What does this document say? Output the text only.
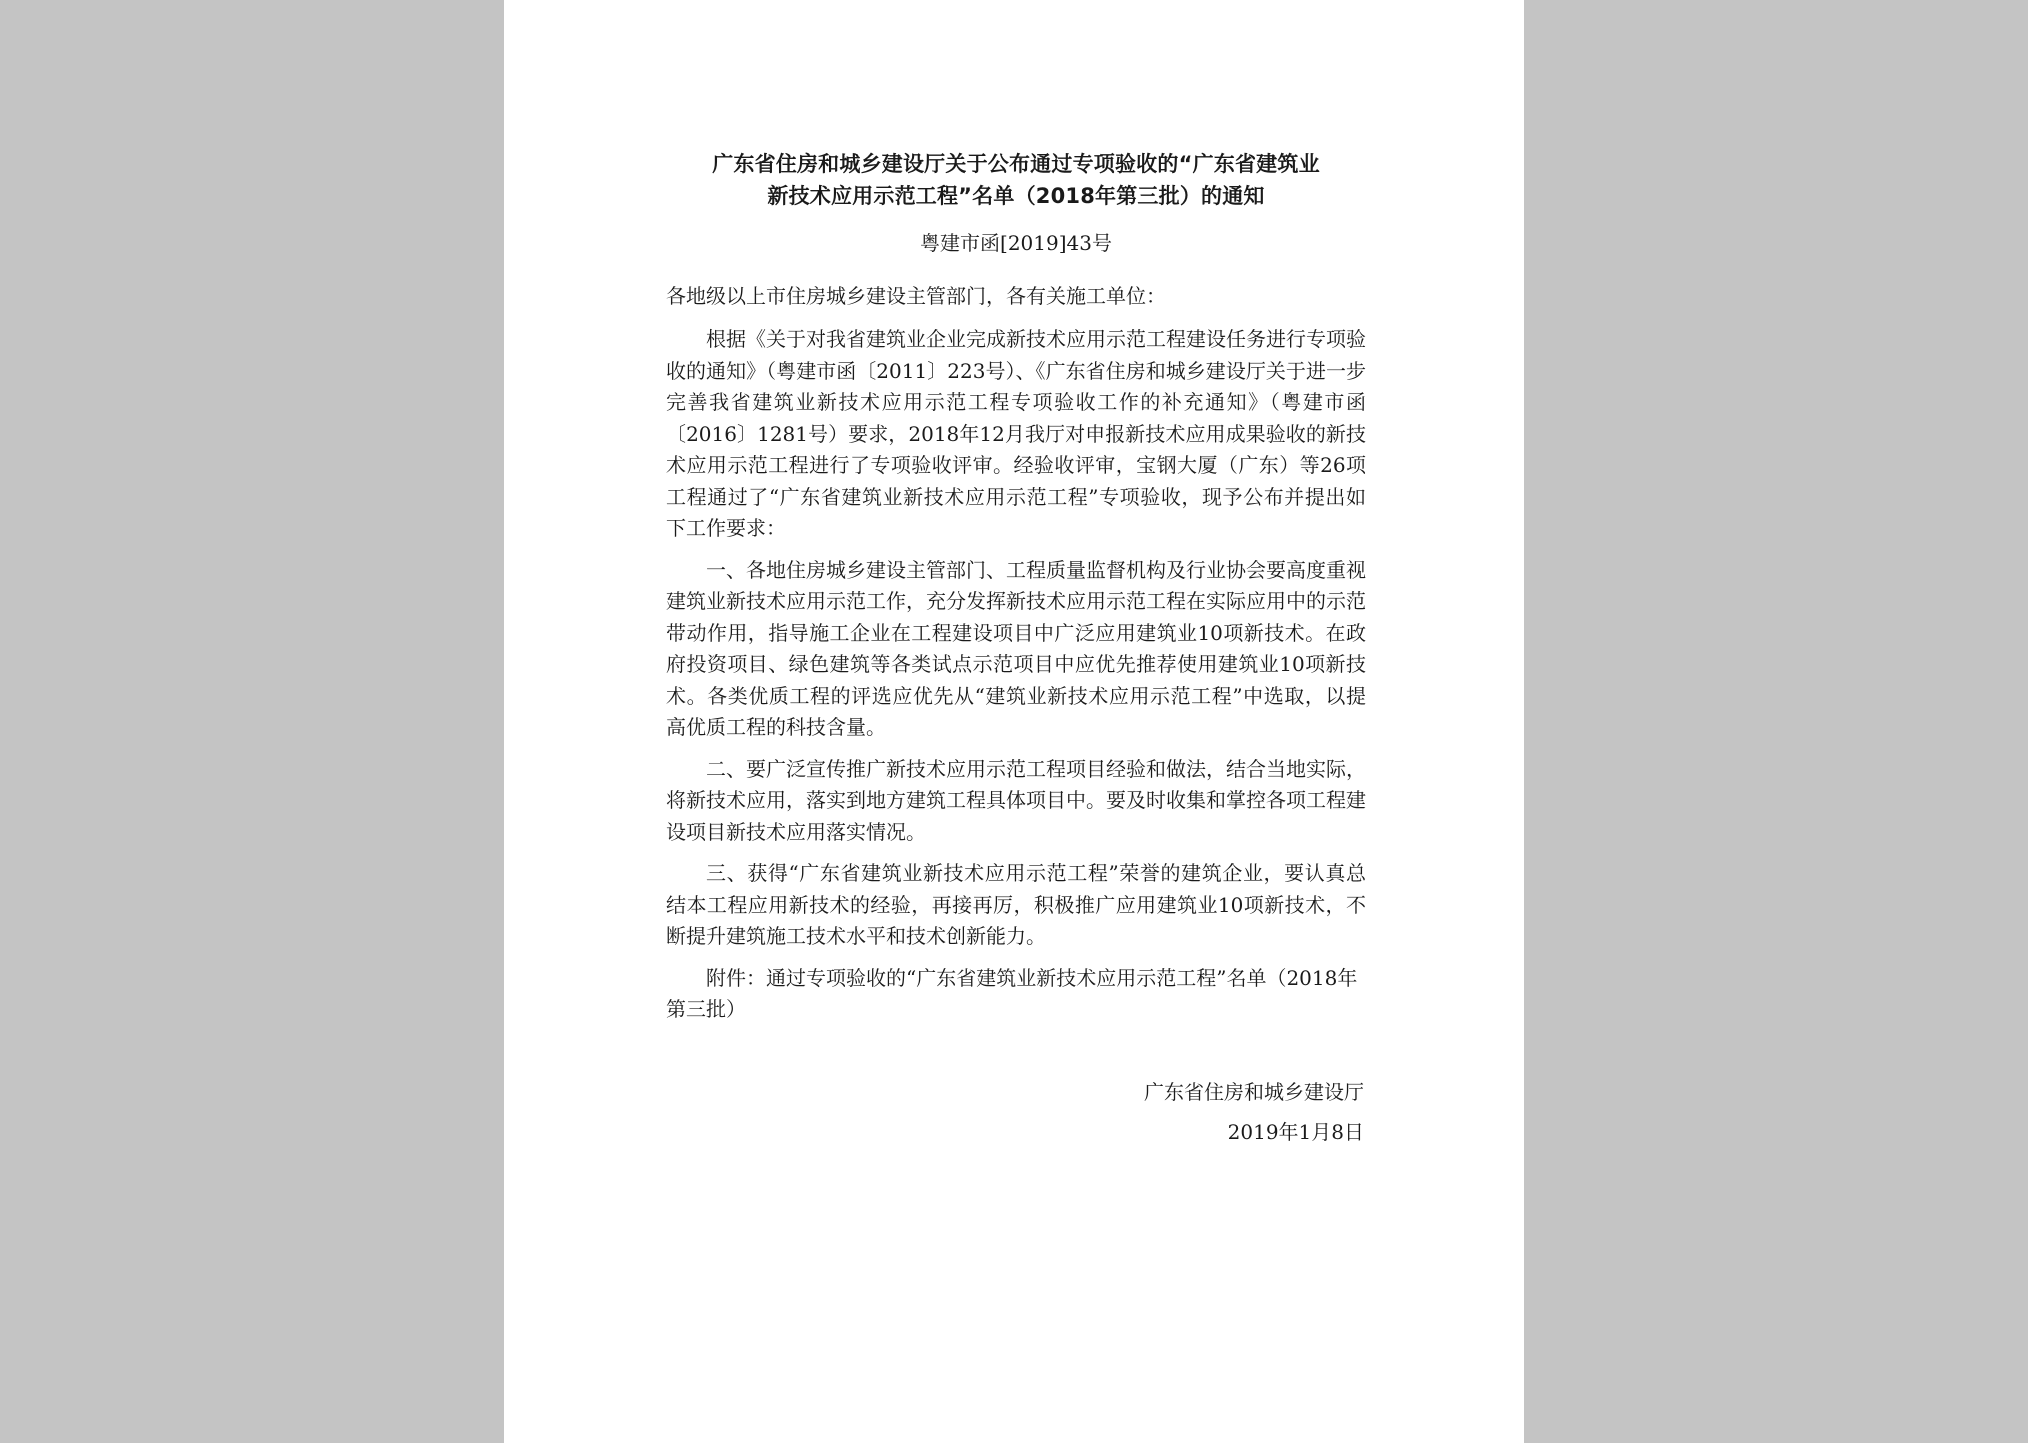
广东省住房和城乡建设厅关于公布通过专项验收的“广东省建筑业
新技术应用示范工程”名单（2018年第三批）的通知

粤建市函[2019]43号

各地级以上市住房城乡建设主管部门，各有关施工单位：

根据《关于对我省建筑业企业完成新技术应用示范工程建设任务进行专项验收的通知》（粤建市函〔2011〕223号）、《广东省住房和城乡建设厅关于进一步完善我省建筑业新技术应用示范工程专项验收工作的补充通知》（粤建市函〔2016〕1281号）要求，2018年12月我厅对申报新技术应用成果验收的新技术应用示范工程进行了专项验收评审。经验收评审，宝钢大厦（广东）等26项工程通过了“广东省建筑业新技术应用示范工程”专项验收，现予公布并提出如下工作要求：

一、各地住房城乡建设主管部门、工程质量监督机构及行业协会要高度重视建筑业新技术应用示范工作，充分发挥新技术应用示范工程在实际应用中的示范带动作用，指导施工企业在工程建设项目中广泛应用建筑业10项新技术。在政府投资项目、绿色建筑等各类试点示范项目中应优先推荐使用建筑业10项新技术。各类优质工程的评选应优先从“建筑业新技术应用示范工程”中选取，以提高优质工程的科技含量。

二、要广泛宣传推广新技术应用示范工程项目经验和做法，结合当地实际，将新技术应用，落实到地方建筑工程具体项目中。要及时收集和掌控各项工程建设项目新技术应用落实情况。

三、获得“广东省建筑业新技术应用示范工程”荣誉的建筑企业，要认真总结本工程应用新技术的经验，再接再厉，积极推广应用建筑业10项新技术，不断提升建筑施工技术水平和技术创新能力。

附件：通过专项验收的“广东省建筑业新技术应用示范工程”名单（2018年第三批）

广东省住房和城乡建设厅
2019年1月8日
